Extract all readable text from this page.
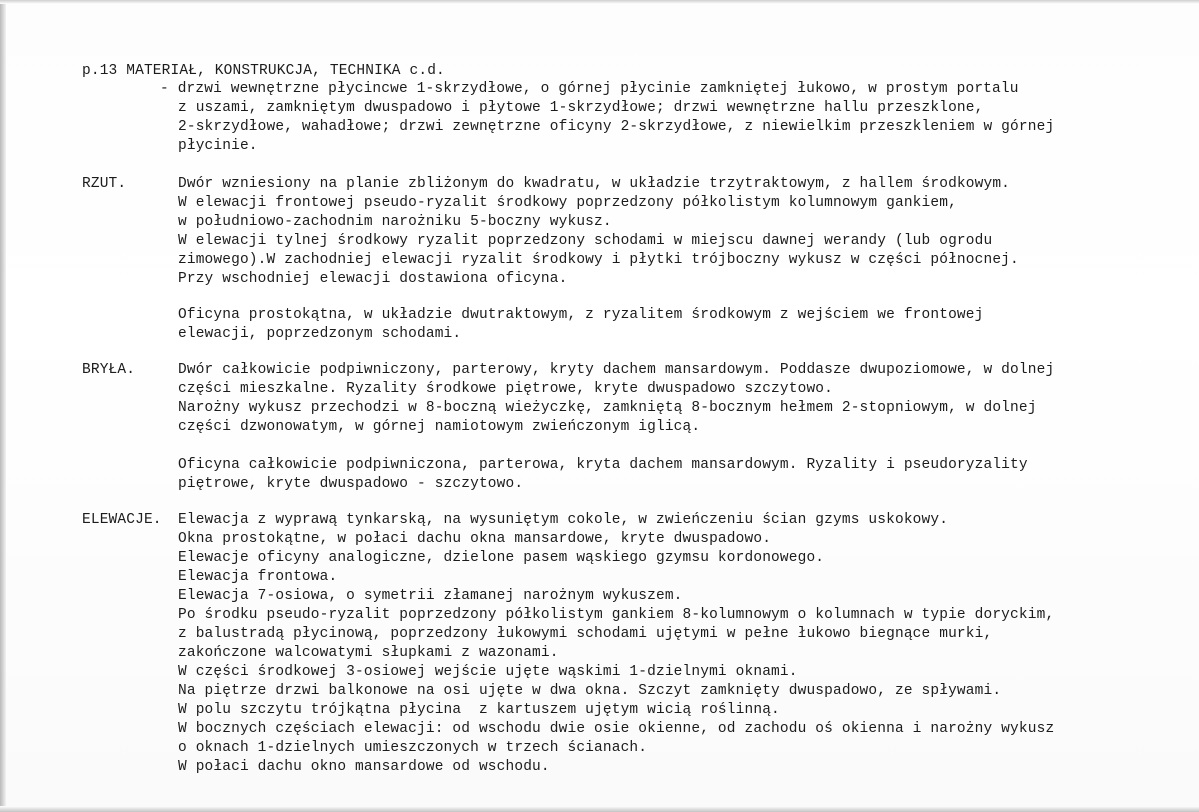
p.13 MATERIAŁ, KONSTRUKCJA, TECHNIKA c.d.
- drzwi wewnętrzne płycincwe 1-skrzydłowe, o górnej płycinie zamkniętej łukowo, w prostym portalu
z uszami, zamkniętym dwuspadowo i płytowe 1-skrzydłowe; drzwi wewnętrzne hallu przeszklone,
2-skrzydłowe, wahadłowe; drzwi zewnętrzne oficyny 2-skrzydłowe, z niewielkim przeszkleniem w górnej
płycinie.
RZUT.	Dwór wzniesiony na planie zbliżonym do kwadratu, w układzie trzytraktowym, z hallem środkowym.
W elewacji frontowej pseudo-ryzalit środkowy poprzedzony półkolistym kolumnowym gankiem,
w południowo-zachodnim narożniku 5-boczny wykusz.
W elewacji tylnej środkowy ryzalit poprzedzony schodami w miejscu dawnej werandy (lub ogrodu
zimowego).W zachodniej elewacji ryzalit środkowy i płytki trójboczny wykusz w części północnej.
Przy wschodniej elewacji dostawiona oficyna.
Oficyna prostokątna, w układzie dwutraktowym, z ryzalitem środkowym z wejściem we frontowej
elewacji, poprzedzonym schodami.
BRYŁA.	Dwór całkowicie podpiwniczony, parterowy, kryty dachem mansardowym. Poddasze dwupoziomowe, w dolnej
części mieszkalne. Ryzality środkowe piętrowe, kryte dwuspadowo szczytowo.
Narożny wykusz przechodzi w 8-boczną wieżyczkę, zamkniętą 8-bocznym hełmem 2-stopniowym, w dolnej
części dzwonowatym, w górnej namiotowym zwieńczonym iglicą.
Oficyna całkowicie podpiwniczona, parterowa, kryta dachem mansardowym. Ryzality i pseudoryzality
piętrowe, kryte dwuspadowo - szczytowo.
ELEWACJE. Elewacja z wyprawą tynkarską, na wysuniętym cokole, w zwieńczeniu ścian gzyms uskokowy.
Okna prostokątne, w połaci dachu okna mansardowe, kryte dwuspadowo.
Elewacje oficyny analogiczne, dzielone pasem wąskiego gzymsu kordonowego.
Elewacja frontowa.
Elewacja 7-osiowa, o symetrii złamanej narożnym wykuszem.
Po środku pseudo-ryzalit poprzedzony półkolistym gankiem 8-kolumnowym o kolumnach w typie doryckim,
z balustradą płycinową, poprzedzony łukowymi schodami ujętymi w pełne łukowo biegnące murki,
zakończone walcowatymi słupkami z wazonami.
W części środkowej 3-osiowej wejście ujęte wąskimi 1-dzielnymi oknami.
Na piętrze drzwi balkonowe na osi ujęte w dwa okna. Szczyt zamknięty dwuspadowo, ze spływami.
W polu szczytu trójkątna płycina  z kartuszem ujętym wicią roślinną.
W bocznych częściach elewacji: od wschodu dwie osie okienne, od zachodu oś okienna i narożny wykusz
o oknach 1-dzielnych umieszczonych w trzech ścianach.
W połaci dachu okno mansardowe od wschodu.
